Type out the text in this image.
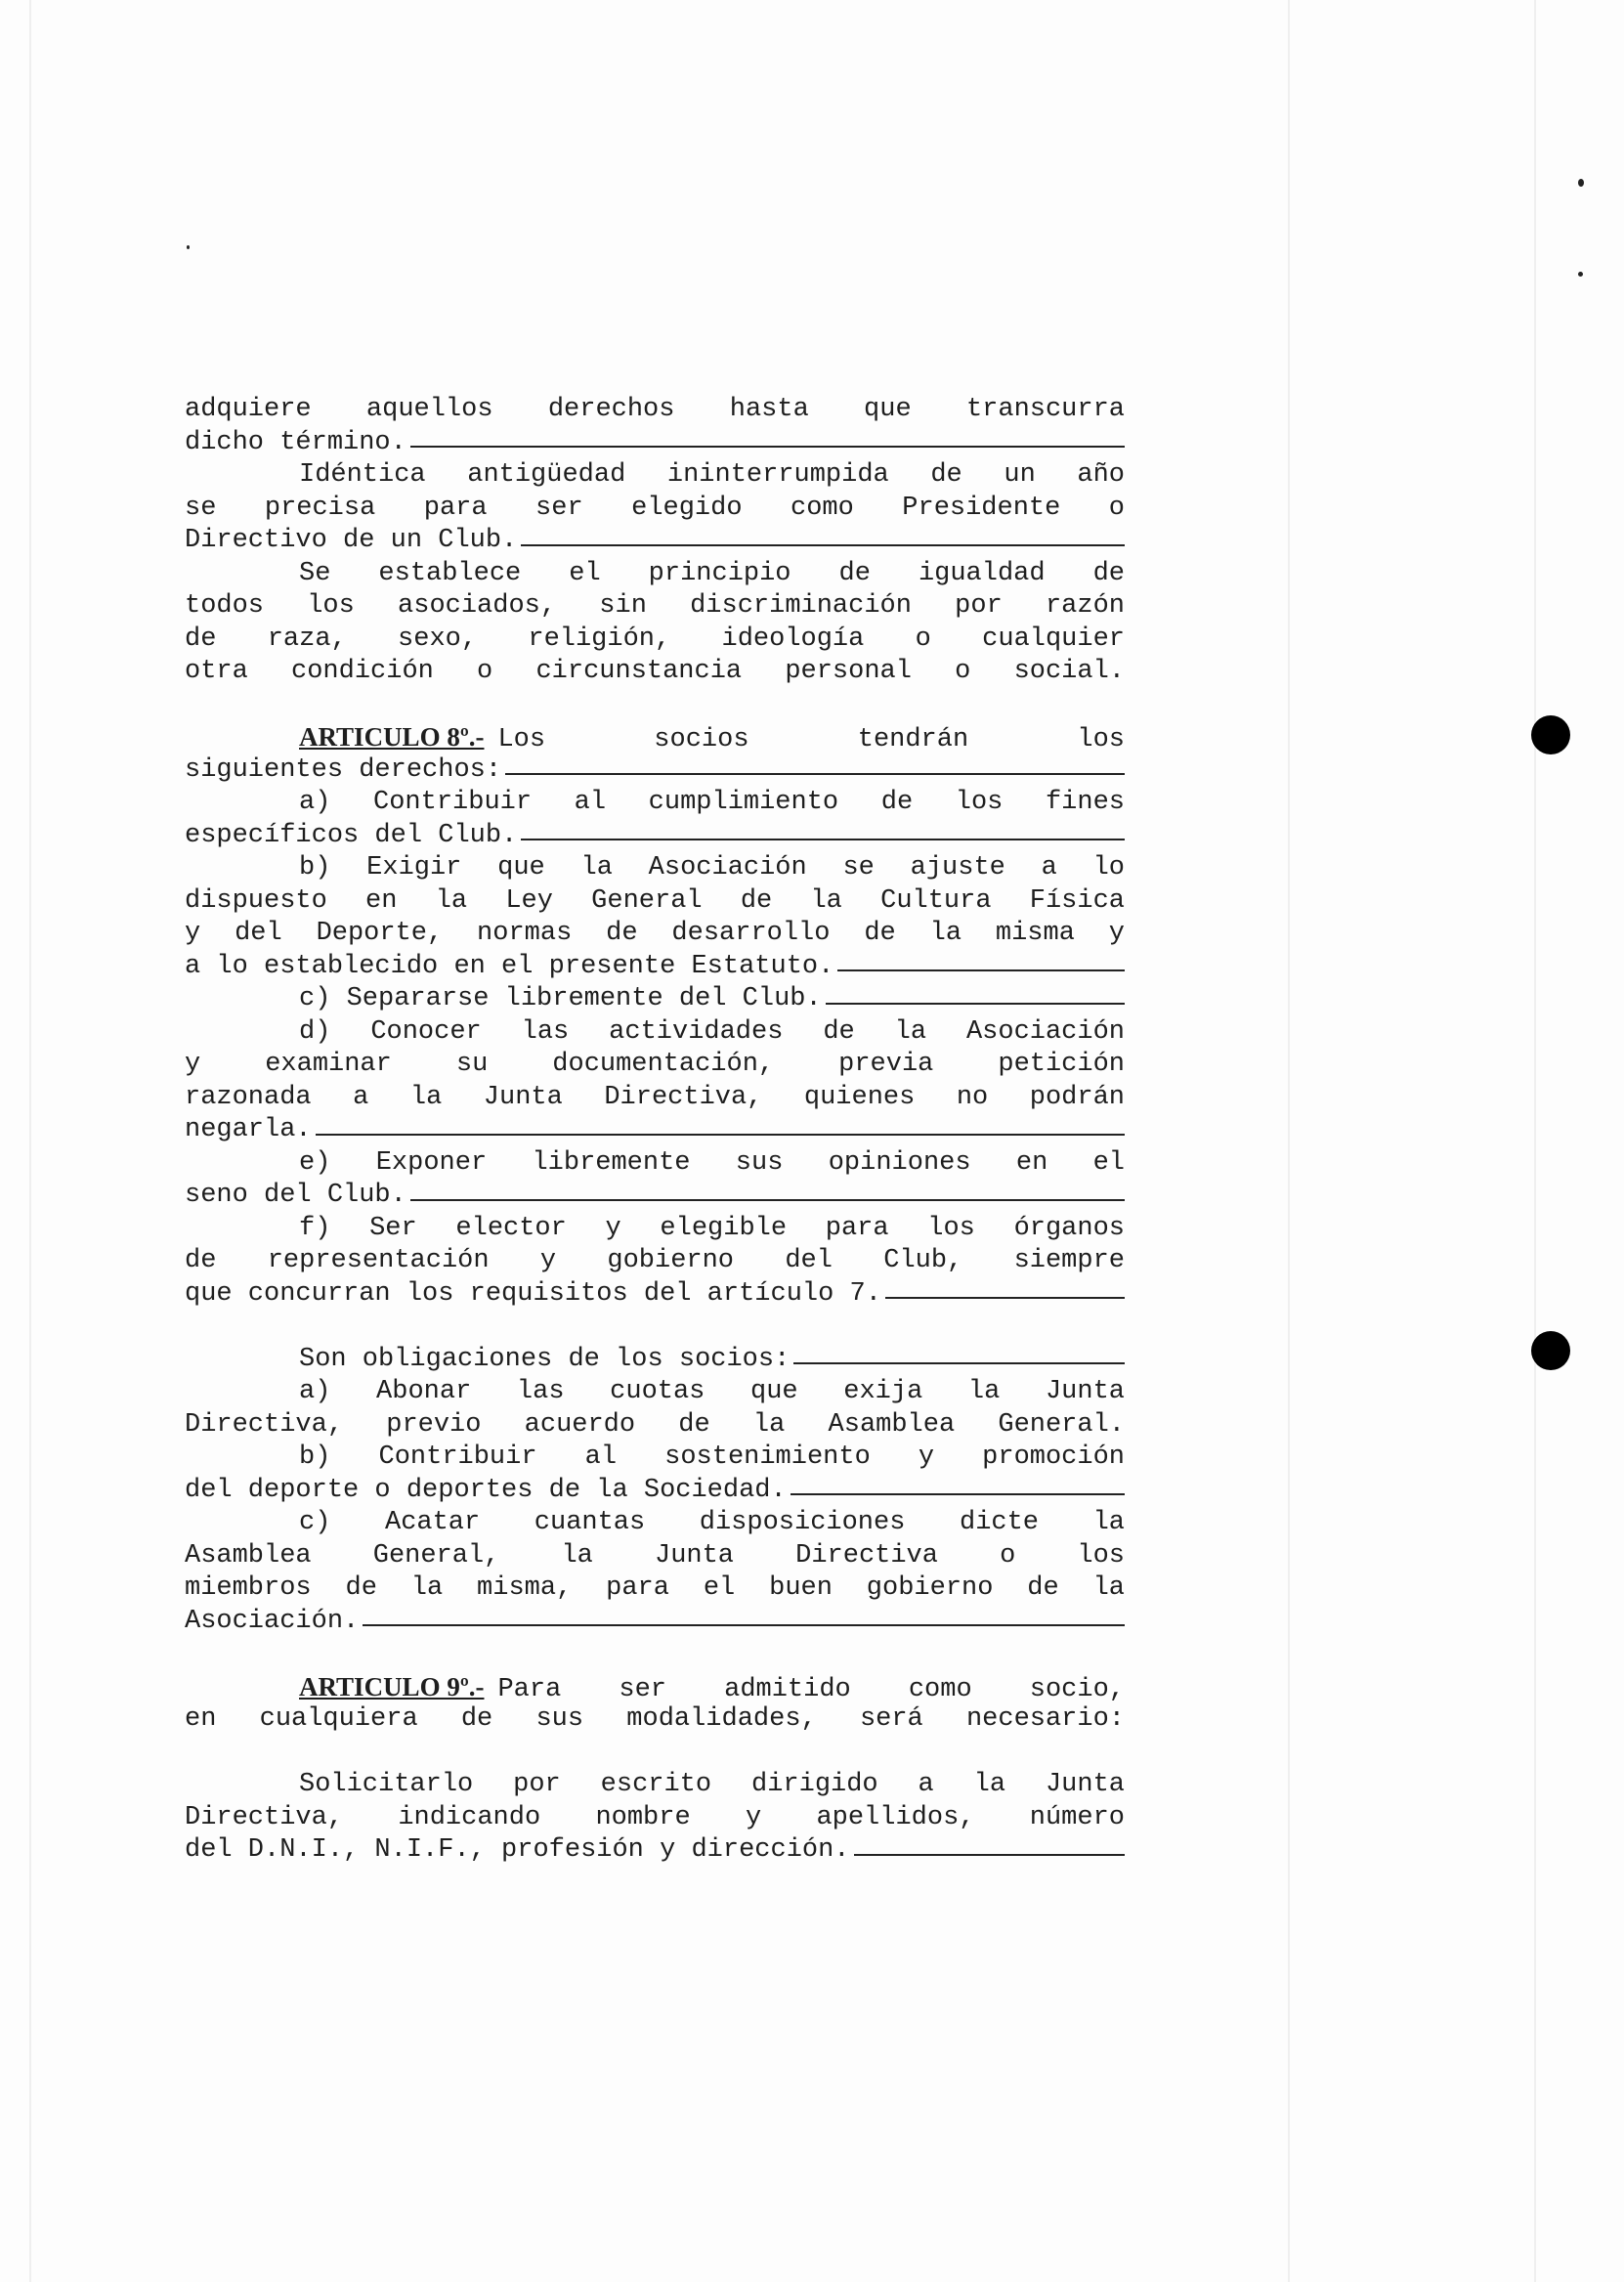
adquiere aquellos derechos hasta que transcurra
dicho término.
Idéntica antigüedad ininterrumpida de un año
se precisa para ser elegido como Presidente o
Directivo de un Club.
Se establece el principio de igualdad de
todos los asociados, sin discriminación por razón
de raza, sexo, religión, ideología o cualquier
otra condición o circunstancia personal o social.
ARTICULO 8º.- Los socios tendrán los
siguientes derechos:
a) Contribuir al cumplimiento de los fines
específicos del Club.
b) Exigir que la Asociación se ajuste a lo
dispuesto en la Ley General de la Cultura Física
y del Deporte, normas de desarrollo de la misma y
a lo establecido en el presente Estatuto.
c) Separarse libremente del Club.
d) Conocer las actividades de la Asociación
y examinar su documentación, previa petición
razonada a la Junta Directiva, quienes no podrán
negarla.
e) Exponer libremente sus opiniones en el
seno del Club.
f) Ser elector y elegible para los órganos
de representación y gobierno del Club, siempre
que concurran los requisitos del artículo 7.
Son obligaciones de los socios:
a) Abonar las cuotas que exija la Junta
Directiva, previo acuerdo de la Asamblea General.
b) Contribuir al sostenimiento y promoción
del deporte o deportes de la Sociedad.
c) Acatar cuantas disposiciones dicte la
Asamblea General, la Junta Directiva o los
miembros de la misma, para el buen gobierno de la
Asociación.
ARTICULO 9º.- Para ser admitido como socio,
en cualquiera de sus modalidades, será necesario:
Solicitarlo por escrito dirigido a la Junta
Directiva, indicando nombre y apellidos, número
del D.N.I., N.I.F., profesión y dirección.
